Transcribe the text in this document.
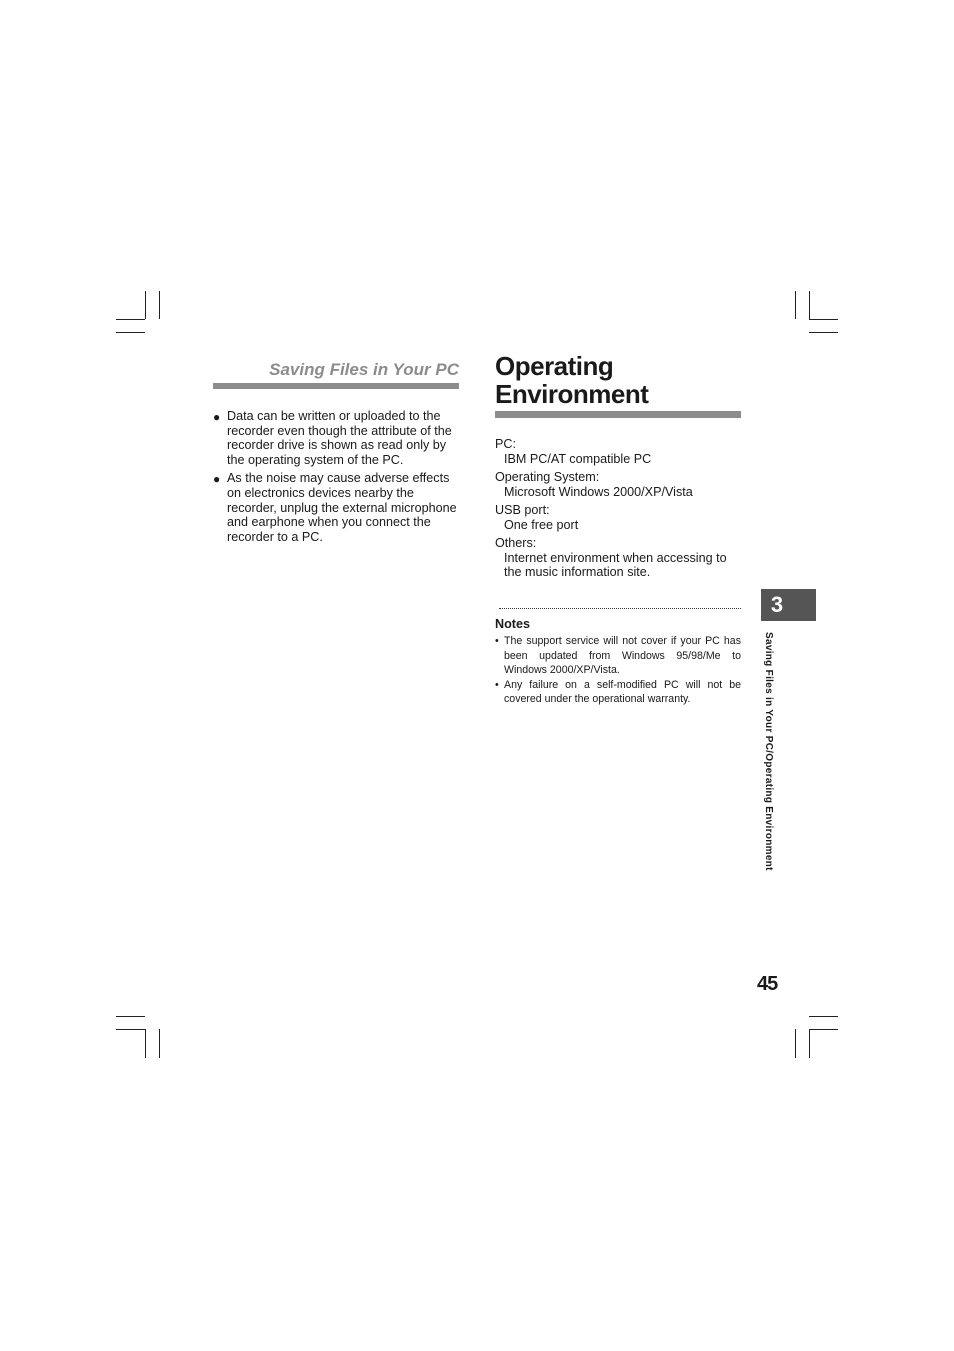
Saving Files in Your PC
● Data can be written or uploaded to the recorder even though the attribute of the recorder drive is shown as read only by the operating system of the PC.
● As the noise may cause adverse effects on electronics devices nearby the recorder, unplug the external microphone and earphone when you connect the recorder to a PC.
Operating
Environment
PC:
IBM PC/AT compatible PC
Operating System:
Microsoft Windows 2000/XP/Vista
USB port:
One free port
Others:
Internet environment when accessing to the music information site.
Notes
• The support service will not cover if your PC has been updated from Windows 95/98/Me to Windows 2000/XP/Vista.
• Any failure on a self-modified PC will not be covered under the operational warranty.
3
Saving Files in Your PC/Operating Environment
45
